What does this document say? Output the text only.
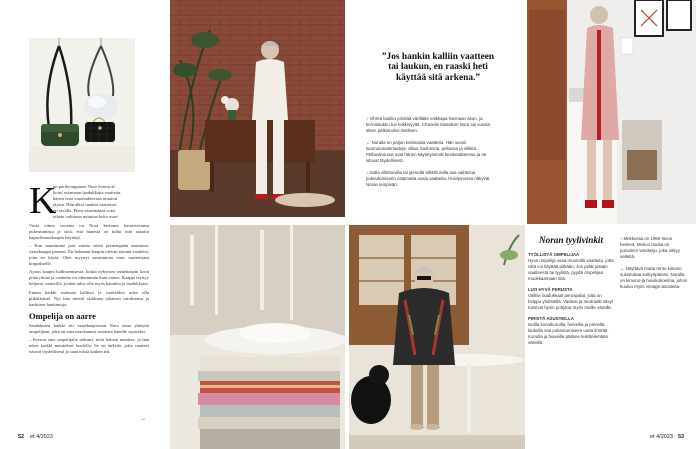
K
un parikymppinen Nora Sointu al-
koitti ostamaan laadukkaita vaatteita,
hänen oma vaatesuhteensa muuttui
täysin. Hän alkoi nauttia vaatteista
eri tavalla. Pieni vaatemäärä voisi
oikein valittuna muuttaa koko maa-

Vasta viime vuosina on Nora kertonut harrastavansa pukeutumista ja siitä, että hänestä on tullut niin sanottu kapselivaatekaapin käyttäjä.

– Kun muutimme pari vuotta sitten pienempään asuntoon, vaatekaappi pieneni. En halunnut kaapin olevan täynnä vaatteita, joita en käytä. Olen myynyt suurimman osan vaatteistani kirppikselle.

Ajatus kaapin hallitsemisesta, koska nykyisen vaatekaapin koon pitää riittää ja vaatteita on vähemmän kuin ennen. Kaappi täyttyy helposti vaatteilla, joiden tulisi olla myös kauniita ja laadukkaita.

Ennen kaikki ostetaan kalliisti ja vaatteiden tulee olla pitkäikäisiä. Nyt hän miettii tarkkaan jokaisen ostoksensa ja harkitsee hankintoja.

Ompelija on aarre

Saadakseen kaikki irti vaatekaapistaan Nora ottaa yhteyttä ompelijaan, joka on aina muokannut vaatteita hänelle sopiviksi.

– Kerron aina ompelijalle tarkasti, mitä haluan muuttaa, ja hän tekee kaikki muutokset huolella. Se on tärkeää, jotta vaatteet istuvat täydellisesti ja saan niistä kaiken irti.

→
52 et 4/2023
”Jos hankin kalliin vaatteen tai laukun, en raaski heti käyttää sitä arkena.”
↑ Vihreä laukku piristää värillään vaikkapa harmaan asun, ja kernalaukku tuo leikkisyyttä. Chanelin klassikon Nora sai vuosia sitten palkinnoksi itselleen.
← Noralla on paljon kotimaisia vaatteita. Hän suosii luonnonmateriaaleja: villaa, kashmiria, pellavaa ja silkkiä. Pellavahousut ovat hänen käytetyimmät kesävaatteensa ja ne istuvat täydellisesti.
↓ Isolla villahuivilla tai pienellä silkkihuivilla saa vaihtelua pukeutumiseen ostamatta uusia vaatteita. Huivipinossa näkyvät Noran lempiväri.
Noran tyylivinkit
TYÖLLISTÄ OMPELIJAA
Hyvä ompelija osaa muotoilla vaatteita, jotta niitä voi käyttää pitkään. Jos pidät jostain vaatteesta tai tyylistä, pyydä ompelijaa muokkaamaan sitä.
LUO HYVÄ PERUSTA
Valitse laadukkaat peruspalat, joita on helppo yhdistellä. Vaaleat ja neutraalit sävyt toimivat hyvin pohjana myös muille väreille.
PIRISTÄ ASUSTEILLA
Isoilla korvakoruilla, huiveilla ja pienellä laukulla saa pukeutumiseen uutta ilmettä. Koruilla ja huiveilla pääsee leikittelemään väreillä.
↑ Mekkossa on 1960-luvun henkeä. Mekon tausta on punainen vetoketju, joka näkyy selästä.
← Näyttävä mutta rento kimono sulostuttaa kotityöpäivän. Noralla on kimono-ja huivikokoelma, johon kuuluu myös vintage-asusteita.
et 4/2023 53
